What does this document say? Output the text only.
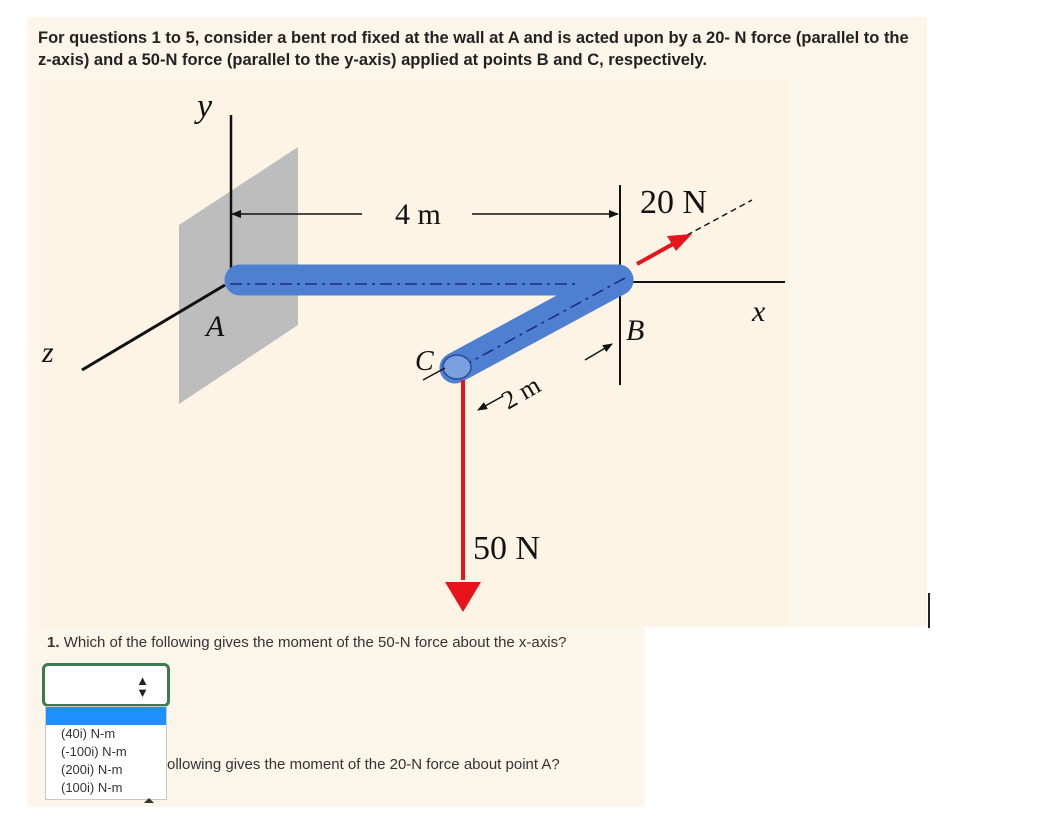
For questions 1 to 5, consider a bent rod fixed at the wall at A and is acted upon by a 20- N force (parallel to the z-axis) and a 50-N force (parallel to the y-axis) applied at points B and C, respectively.
y
z
x
A	B
C
4 m
2 m
20 N
50 N
1. Which of the following gives the moment of the 50-N force about the x-axis?
▲
▼
(40i) N-m
(-100i) N-m
(200i) N-m
(100i) N-m
ollowing gives the moment of the 20-N force about point A?
